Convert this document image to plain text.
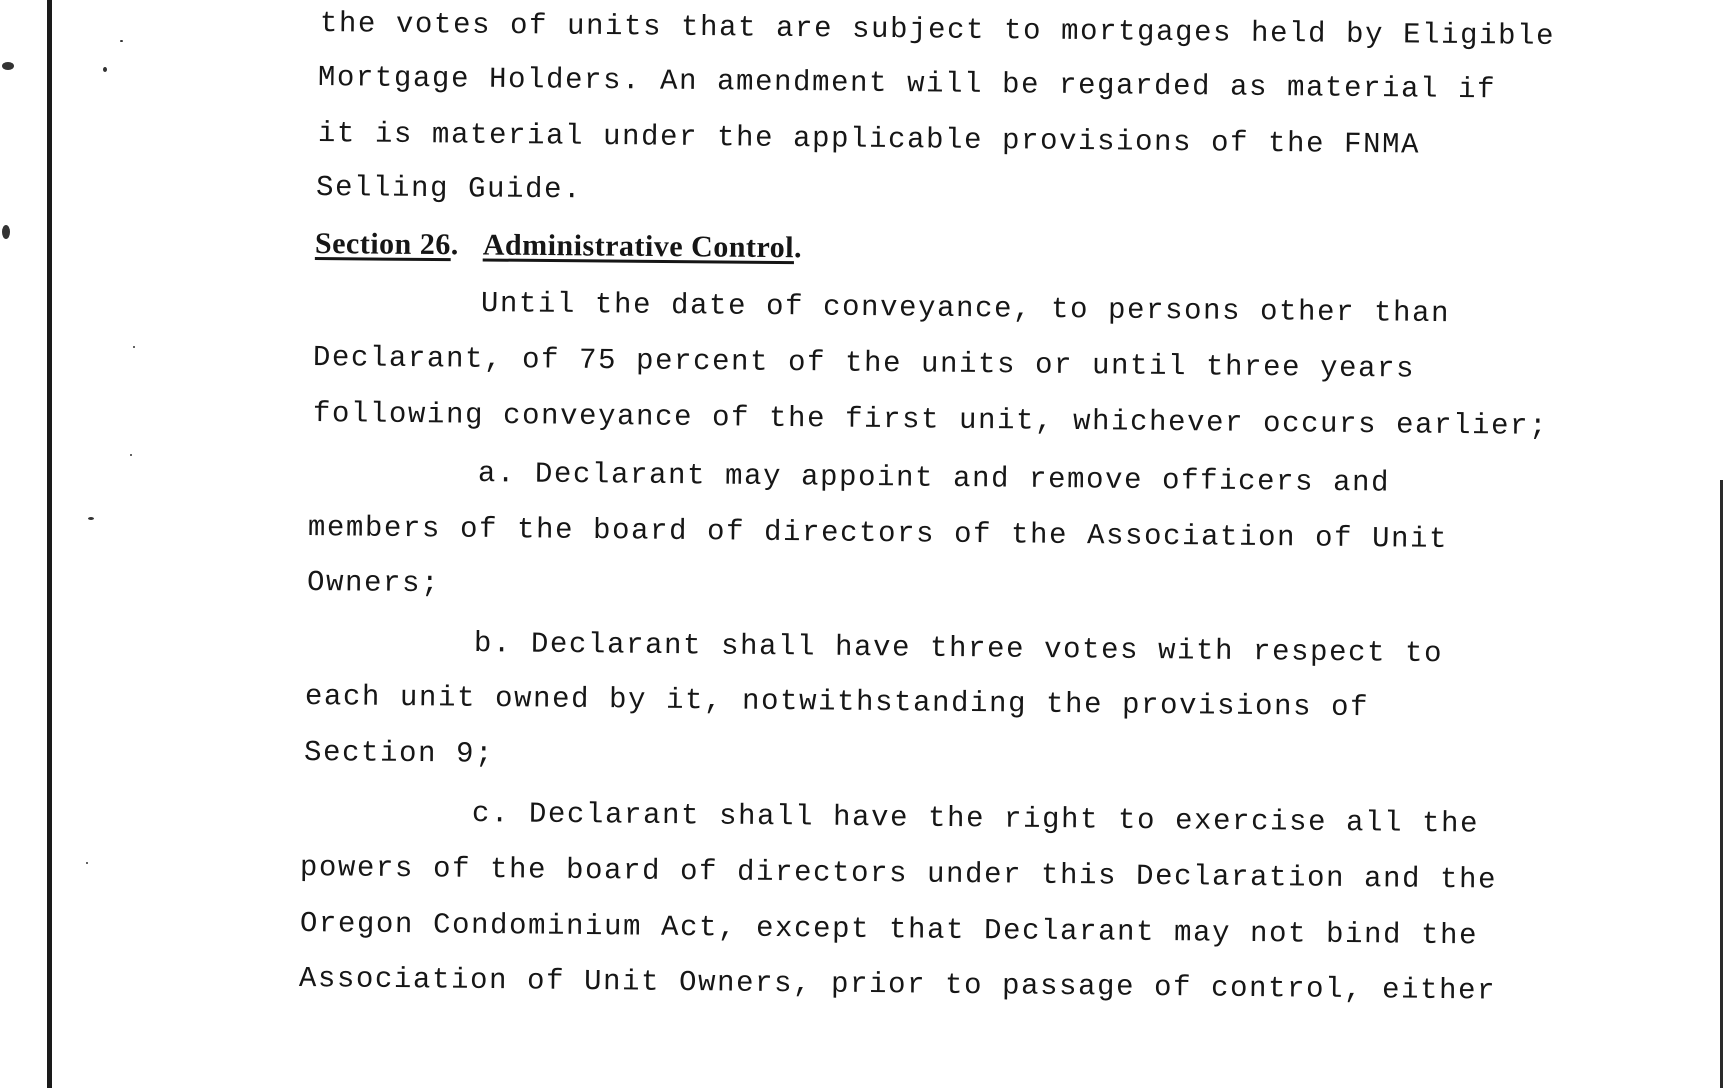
the votes of units that are subject to mortgages held by Eligible
Mortgage Holders. An amendment will be regarded as material if
it is material under the applicable provisions of the FNMA
Selling Guide.
Section 26.   Administrative Control.
Until the date of conveyance, to persons other than
Declarant, of 75 percent of the units or until three years
following conveyance of the first unit, whichever occurs earlier;
a. Declarant may appoint and remove officers and
members of the board of directors of the Association of Unit
Owners;
b. Declarant shall have three votes with respect to
each unit owned by it, notwithstanding the provisions of
Section 9;
c. Declarant shall have the right to exercise all the
powers of the board of directors under this Declaration and the
Oregon Condominium Act, except that Declarant may not bind the
Association of Unit Owners, prior to passage of control, either
